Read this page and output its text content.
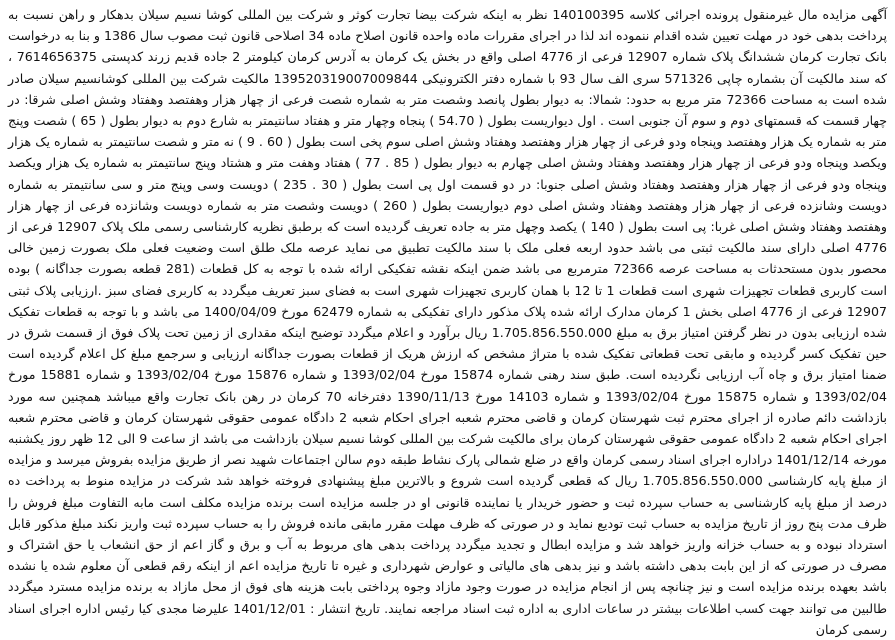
آگهی مزایده مال غیرمنقول پرونده اجرائی کلاسه 140100395 نظر به اینکه شرکت بیضا تجارت کوثر و شرکت بین المللی کوشا نسیم سیلان بدهکار و راهن نسبت به پرداخت بدهی خود در مهلت تعیین شده اقدام ننموده اند لذا در اجرای مقررات ماده واحده قانون اصلاح ماده 34 اصلاحی قانون ثبت مصوب سال 1386 و بنا به درخواست بانک تجارت کرمان ششدانگ پلاک شماره 12907 فرعی از 4776 اصلی واقع در بخش یک کرمان به آدرس کرمان کیلومتر 2 جاده قدیم زرند کدپستی 7614656375 ، که سند مالکیت آن بشماره چاپی 571326 سری الف سال 93 با شماره دفتر الکترونیکی 139520319007009844 مالکیت شرکت بین المللی کوشانسیم سیلان صادر شده است به مساحت 72366 متر مربع به حدود: شمالا: به دیوار بطول پانصد وشصت متر به شماره شصت فرعی از چهار هزار وهفتصد وهفتاد وشش اصلی شرقا: در چهار قسمت که قسمتهای دوم و سوم آن جنوبی است . اول دیواریست بطول ( 54.70 ) پنجاه وچهار متر و هفتاد سانتیمتر به شارع دوم به دیوار بطول ( 65 ) شصت وپنج متر به شماره یک هزار وهفتصد وپنجاه ودو فرعی از چهار هزار وهفتصد وهفتاد وشش اصلی سوم پخی است بطول ( 60 . 9 ) نه متر و شصت سانتیمتر به شماره یک هزار ویکصد وپنجاه ودو فرعی از چهار هزار وهفتصد وهفتاد وشش اصلی چهارم به دیوار بطول ( 85 . 77 ) هفتاد وهفت متر و هشتاد وپنج سانتیمتر به شماره یک هزار ویکصد وپنجاه ودو فرعی از چهار هزار وهفتصد وهفتاد وشش اصلی جنوبا: در دو قسمت اول پی است بطول ( 30 . 235 ) دویست وسی وپنج متر و سی سانتیمتر به شماره دویست وشانزده فرعی از چهار هزار وهفتصد وهفتاد وشش اصلی دوم دیواریست بطول ( 260 ) دویست وشصت متر به شماره دویست وشانزده فرعی از چهار هزار وهفتصد وهفتاد وشش اصلی غربا: پی است بطول ( 140 ) یکصد وچهل متر به جاده تعریف گردیده است که برطبق نظریه کارشناسی رسمی ملک پلاک 12907 فرعی از 4776 اصلی دارای سند مالکیت ثبتی می باشد حدود اربعه فعلی ملک با سند مالکیت تطبیق می نماید عرصه ملک طلق است وضعیت فعلی ملک بصورت زمین خالی محصور بدون مستحدثات به مساحت عرصه 72366 مترمربع می باشد ضمن اینکه نقشه تفکیکی ارائه شده با توجه به کل قطعات (281 قطعه بصورت جداگانه ) بوده است کاربری قطعات تجهیزات شهری است قطعات 1 تا 12 با همان کاربری تجهیزات شهری است به فضای سبز تعریف میگردد به کاربری فضای سبز .ارزیابی پلاک ثبتی 12907 فرعی از 4776 اصلی بخش 1 کرمان مدارک ارائه شده پلاک مذکور دارای تفکیکی به شماره 62479 مورخ 1400/04/09 می باشد و با توجه به قطعات تفکیک شده ارزیابی بدون در نظر گرفتن امتیاز برق به مبلغ 1.705.856.550.000 ریال برآورد و اعلام میگردد توضیح اینکه مقداری از زمین تحت پلاک فوق از قسمت شرق در حین تفکیک کسر گردیده و مابقی تحت قطعاتی تفکیک شده با متراژ مشخص که ارزش هریک از قطعات بصورت جداگانه ارزیابی و سرجمع مبلغ کل اعلام گردیده است ضمنا امتیاز برق و چاه آب ارزیابی نگردیده است. طبق سند رهنی شماره 15874 مورخ 1393/02/04 و شماره 15876 مورخ 1393/02/04 و شماره 15881 مورخ 1393/02/04 و شماره 15875 مورخ 1393/02/04 و شماره 14103 مورخ 1390/11/13 دفترخانه 70 کرمان در رهن بانک تجارت واقع میباشد همچنین سه مورد بازداشت دائم صادره از اجرای محترم ثبت شهرستان کرمان و قاضی محترم شعبه اجرای احکام شعبه 2 دادگاه عمومی حقوقی شهرستان کرمان و قاضی محترم شعبه اجرای احکام شعبه 2 دادگاه عمومی حقوقی شهرستان کرمان برای مالکیت شرکت بین المللی کوشا نسیم سیلان بازداشت می باشد از ساعت 9 الی 12 ظهر روز یکشنبه مورخه 1401/12/14 دراداره اجرای اسناد رسمی کرمان واقع در ضلع شمالی پارک نشاط طبقه دوم سالن اجتماعات شهید نصر از طریق مزایده بفروش میرسد و مزایده از مبلغ پایه کارشناسی 1.705.856.550.000 ریال که قطعی گردیده است شروع و بالاترین مبلغ پیشنهادی فروخته خواهد شد شرکت در مزایده منوط به پرداخت ده درصد از مبلغ پایه کارشناسی به حساب سپرده ثبت و حضور خریدار یا نماینده قانونی او در جلسه مزایده است برنده مزایده مکلف است مابه التفاوت مبلغ فروش را ظرف مدت پنج روز از تاریخ مزایده به حساب ثبت تودیع نماید و در صورتی که ظرف مهلت مقرر مابقی مانده فروش را به حساب سپرده ثبت واریز نکند مبلغ مذکور قابل استرداد نبوده و به حساب خزانه واریز خواهد شد و مزایده ابطال و تجدید میگردد پرداخت بدهی های مربوط به آب و برق و گاز اعم از حق انشعاب یا حق اشتراک و مصرف در صورتی که از این بابت بدهی داشته باشد و نیز بدهی های مالیاتی و عوارض شهرداری و غیره تا تاریخ مزایده اعم از اینکه رقم قطعی آن معلوم شده یا نشده باشد بعهده برنده مزایده است و نیز چنانچه پس از انجام مزایده در صورت وجود مازاد وجوه پرداختی بابت هزینه های فوق از محل مازاد به برنده مزایده مسترد میگردد طالبین می توانند جهت کسب اطلاعات بیشتر در ساعات اداری به اداره ثبت اسناد مراجعه نمایند. تاریخ انتشار : 1401/12/01 علیرضا مجدی کیا رئیس اداره اجرای اسناد رسمی کرمان
